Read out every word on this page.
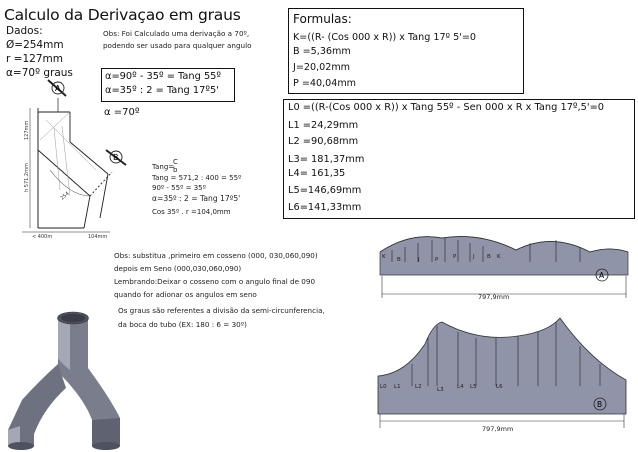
Calculo da Derivaçao em graus
Dados:
Ø=254mm
r =127mm
α=70º graus
Obs: Foi Calculado uma derivação a 70º,
podendo ser usado para qualquer angulo
Formulas:
K=((R- (Cos 000 x R)) x Tang 17º 5'=0
B =5,36mm
J=20,02mm
P =40,04mm
α=90º - 35º = Tang 55º
α=35º : 2 = Tang 17º5'
α =70º	L0 =((R-(Cos 000 x R)) x Tang 55º - Sen 000 x R x Tang 17º,5'=0
L1 =24,29mm
L2 =90,68mm
L3= 181,37mm
L4= 161,35
L5=146,69mm
L6=141,33mm
Tang=
C
b
Tang = 571,2 : 400 = 55º
90º - 55º = 35º
α=35º : 2 = Tang 17º5'
Cos 35º . r =104,0mm
Obs: substitua ,primeiro em cosseno (000, 030,060,090)
depois em Seno (000,030,060,090)
Lembrando:Deixar o cosseno com o angulo final de 090
quando for adionar os angulos em seno
Os graus são referentes a divisão da semi-circunferencia,
da boca do tubo (EX: 180 : 6 = 30º)
A
B
< 400m	104mm
127mm
h 571.2mm
254
K B	J	P	P	J B K
A
797,9mm
L0 L1	L2	L3 L4 L5	L6
B
797,9mm
